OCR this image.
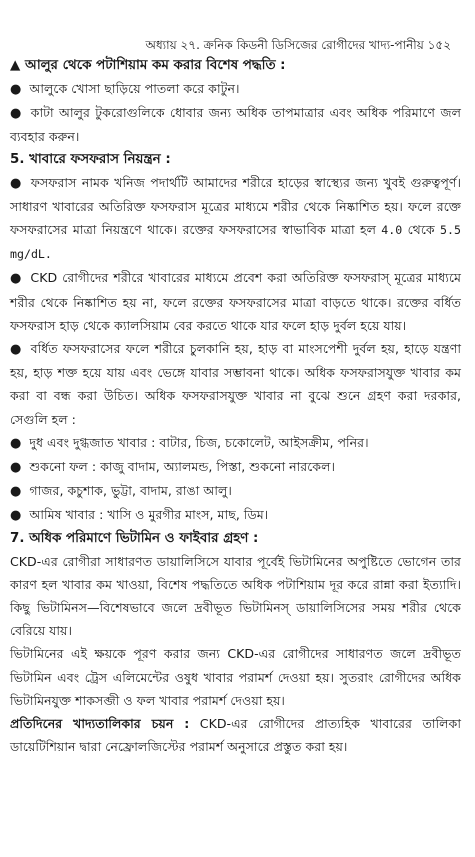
অধ্যায় ২৭. ক্রনিক কিডনী ডিসিজের রোগীদের খাদ্য-পানীয় ১৫২
▲ আলুর থেকে পটাশিয়াম কম করার বিশেষ পদ্ধতি :
● আলুকে খোসা ছাড়িয়ে পাতলা করে কাটুন।
● কাটা আলুর টুকরোগুলিকে ধোবার জন্য অধিক তাপমাত্রার এবং অধিক পরিমাণে জল ব্যবহার করুন।
5. খাবারে ফসফরাস নিয়ন্ত্রন :
● ফসফরাস নামক খনিজ পদার্থটি আমাদের শরীরে হাড়ের স্বাস্থ্যের জন্য খুবই গুরুত্বপূর্ণ। সাধারণ খাবারের অতিরিক্ত ফসফরাস মূত্রের মাধ্যমে শরীর থেকে নিষ্কাশিত হয়। ফলে রক্তে ফসফরাসের মাত্রা নিয়ন্ত্রণে থাকে। রক্তের ফসফরাসের স্বাভাবিক মাত্রা হল 4.0 থেকে 5.5 mg/dL.
● CKD রোগীদের শরীরে খাবারের মাধ্যমে প্রবেশ করা অতিরিক্ত ফসফরাস্ মূত্রের মাধ্যমে শরীর থেকে নিষ্কাশিত হয় না, ফলে রক্তের ফসফরাসের মাত্রা বাড়তে থাকে। রক্তের বর্ধিত ফসফরাস হাড় থেকে ক্যালসিয়াম বের করতে থাকে যার ফলে হাড় দুর্বল হয়ে যায়।
● বর্ধিত ফসফরাসের ফলে শরীরে চুলকানি হয়, হাড় বা মাংসপেশী দুর্বল হয়, হাড়ে যন্ত্রণা হয়, হাড় শক্ত হয়ে যায় এবং ভেঙ্গে যাবার সম্ভাবনা থাকে। অধিক ফসফরাসযুক্ত খাবার কম করা বা বন্ধ করা উচিত। অধিক ফসফরাসযুক্ত খাবার না বুঝে শুনে গ্রহণ করা দরকার, সেগুলি হল :
● দুধ এবং দুগ্ধজাত খাবার : বাটার, চিজ, চকোলেট, আইসক্রীম, পনির।
● শুকনো ফল : কাজু বাদাম, অ্যালমন্ড, পিস্তা, শুকনো নারকেল।
● গাজর, কচুশাক, ভুট্টা, বাদাম, রাঙা আলু।
● আমিষ খাবার : খাসি ও মুরগীর মাংস, মাছ, ডিম।
7. অধিক পরিমাণে ভিটামিন ও ফাইবার গ্রহণ :
CKD-এর রোগীরা সাধারণত ডায়ালিসিসে যাবার পূর্বেই ভিটামিনের অপুষ্টিতে ভোগেন তার কারণ হল খাবার কম খাওয়া, বিশেষ পদ্ধতিতে অধিক পটাশিয়াম দূর করে রান্না করা ইত্যাদি। কিছু ভিটামিনস—বিশেষভাবে জলে দ্রবীভূত ভিটামিনস্ ডায়ালিসিসের সময় শরীর থেকে বেরিয়ে যায়।
ভিটামিনের এই ক্ষয়কে পূরণ করার জন্য CKD-এর রোগীদের সাধারণত জলে দ্রবীভূত ভিটামিন এবং ট্রেস এলিমেন্টের ওষুধ খাবার পরামর্শ দেওয়া হয়। সুতরাং রোগীদের অধিক ভিটামিনযুক্ত শাকসব্জী ও ফল খাবার পরামর্শ দেওয়া হয়।
প্রতিদিনের খাদ্যতালিকার চয়ন : CKD-এর রোগীদের প্রাত্যহিক খাবারের তালিকা ডায়েটিশিয়ান দ্বারা নেফ্রোলজিস্টের পরামর্শ অনুসারে প্রস্তুত করা হয়।
